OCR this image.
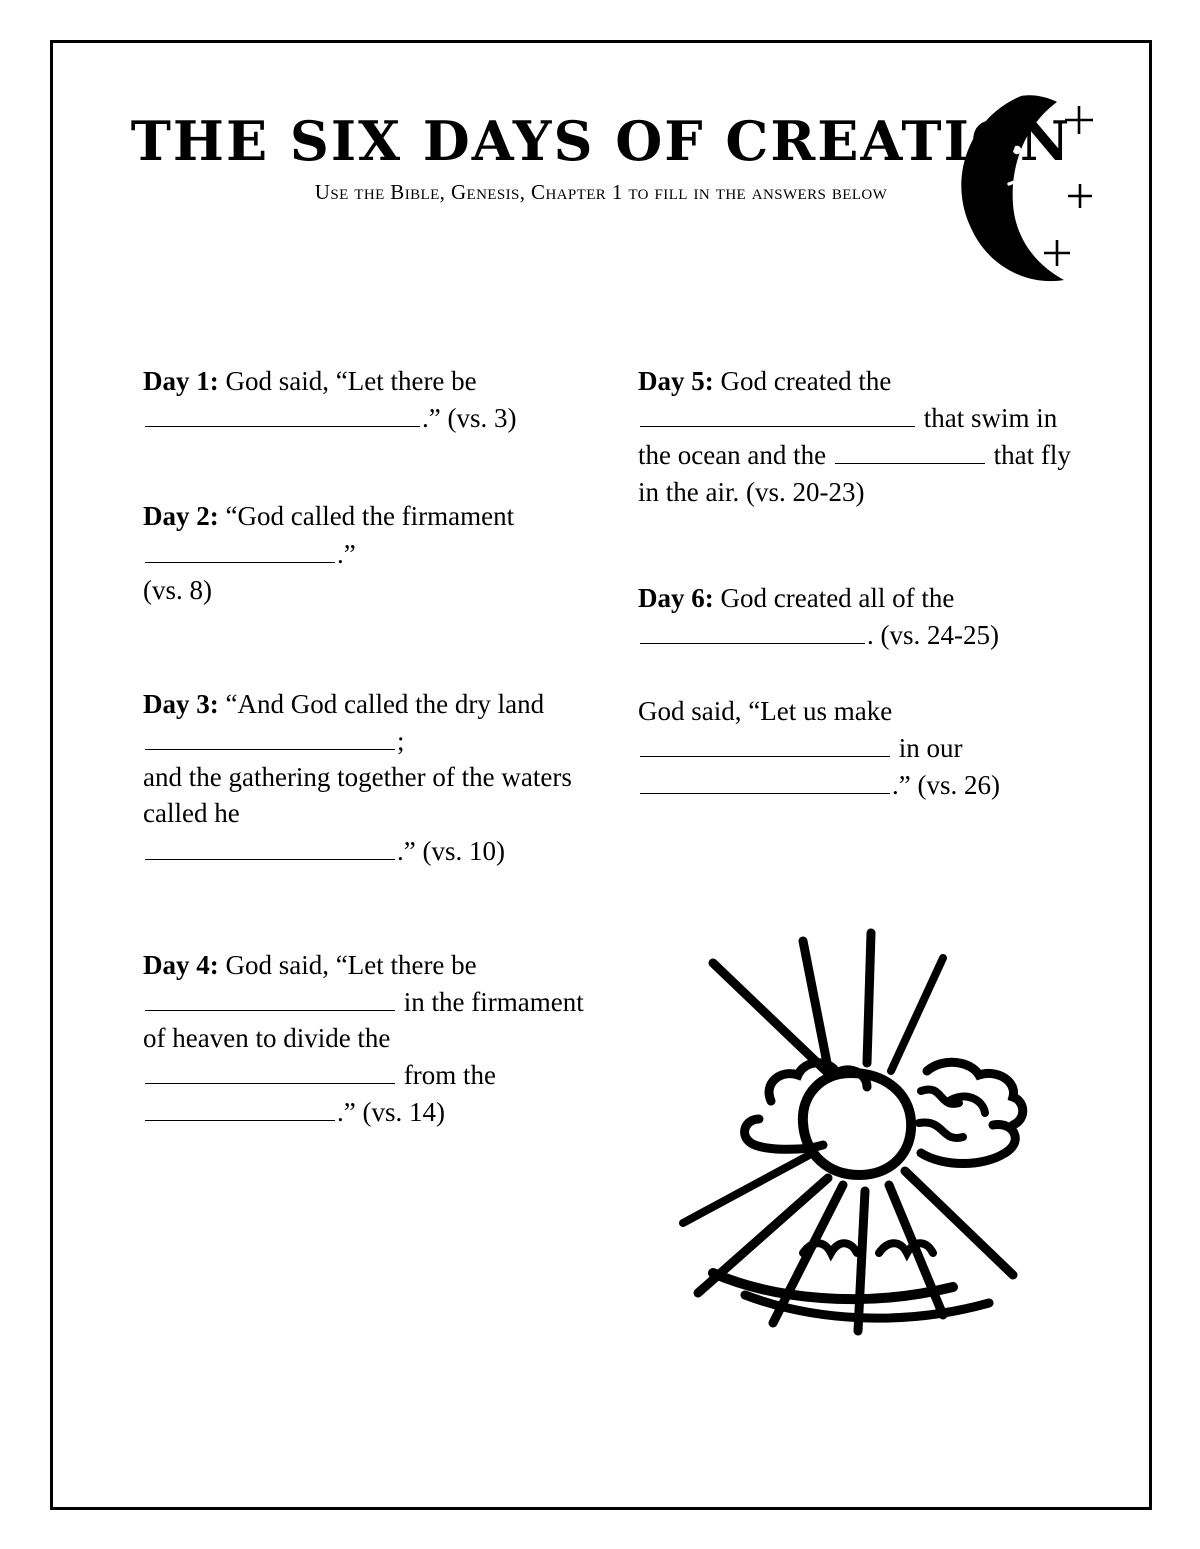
THE SIX DAYS OF CREATION
Use the Bible, Genesis, Chapter 1 to fill in the answers below
Day 1: God said, “Let there be
.” (vs. 3)
Day 2: “God called the firmament .”
(vs. 8)
Day 3: “And God called the dry land ;
and the gathering together of the waters called he
.” (vs. 10)
Day 4: God said, “Let there be
in the firmament of heaven to divide the  from the .” (vs. 14)
Day 5: God created the
that swim in the ocean and the	that fly in the air. (vs. 20-23)
Day 6: God created all of the
. (vs. 24-25)
God said, “Let us make
in our
.” (vs. 26)
